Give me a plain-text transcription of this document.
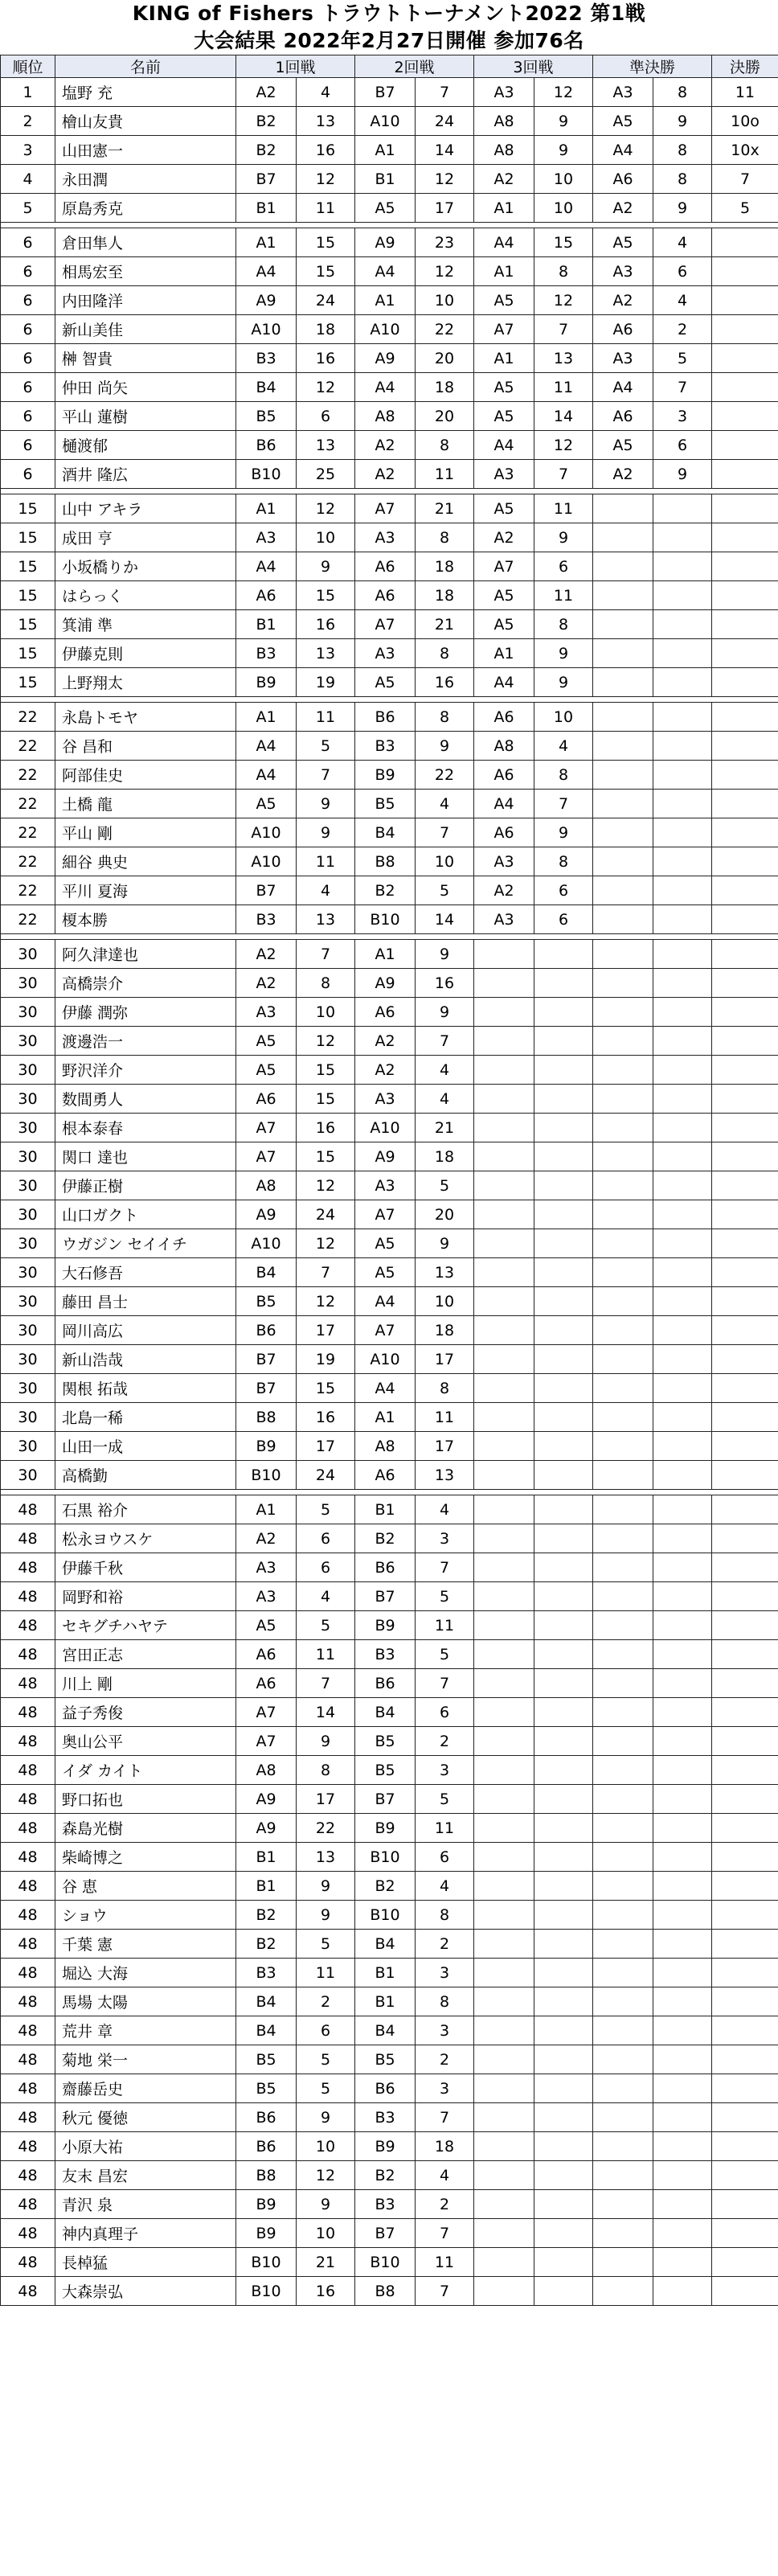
KING of Fishers トラウトトーナメント2022 第1戦
大会結果 2022年2月27日開催 参加76名
順位	名前	1回戦		2回戦		3回戦		準決勝		決勝
1	塩野 充	A2	4	B7	7	A3	12	A3	8	11
2	檜山友貴	B2	13	A10	24	A8	9	A5	9	10o
3	山田憲一	B2	16	A1	14	A8	9	A4	8	10x
4	永田潤	B7	12	B1	12	A2	10	A6	8	7
5	原島秀克	B1	11	A5	17	A1	10	A2	9	5

6	倉田隼人	A1	15	A9	23	A4	15	A5	4	
6	相馬宏至	A4	15	A4	12	A1	8	A3	6	
6	内田隆洋	A9	24	A1	10	A5	12	A2	4	
6	新山美佳	A10	18	A10	22	A7	7	A6	2	
6	榊 智貴	B3	16	A9	20	A1	13	A3	5	
6	仲田 尚矢	B4	12	A4	18	A5	11	A4	7	
6	平山 蓮樹	B5	6	A8	20	A5	14	A6	3	
6	樋渡郁	B6	13	A2	8	A4	12	A5	6	
6	酒井 隆広	B10	25	A2	11	A3	7	A2	9	

15	山中 アキラ	A1	12	A7	21	A5	11			
15	成田 亨	A3	10	A3	8	A2	9			
15	小坂橋りか	A4	9	A6	18	A7	6			
15	はらっく	A6	15	A6	18	A5	11			
15	箕浦 準	B1	16	A7	21	A5	8			
15	伊藤克則	B3	13	A3	8	A1	9			
15	上野翔太	B9	19	A5	16	A4	9			

22	永島トモヤ	A1	11	B6	8	A6	10			
22	谷 昌和	A4	5	B3	9	A8	4			
22	阿部佳史	A4	7	B9	22	A6	8			
22	土橋 龍	A5	9	B5	4	A4	7			
22	平山 剛	A10	9	B4	7	A6	9			
22	細谷 典史	A10	11	B8	10	A3	8			
22	平川 夏海	B7	4	B2	5	A2	6			
22	榎本勝	B3	13	B10	14	A3	6			

30	阿久津達也	A2	7	A1	9					
30	高橋崇介	A2	8	A9	16					
30	伊藤 潤弥	A3	10	A6	9					
30	渡邊浩一	A5	12	A2	7					
30	野沢洋介	A5	15	A2	4					
30	数間勇人	A6	15	A3	4					
30	根本泰春	A7	16	A10	21					
30	関口 達也	A7	15	A9	18					
30	伊藤正樹	A8	12	A3	5					
30	山口ガクト	A9	24	A7	20					
30	ウガジン セイイチ	A10	12	A5	9					
30	大石修吾	B4	7	A5	13					
30	藤田 昌士	B5	12	A4	10					
30	岡川高広	B6	17	A7	18					
30	新山浩哉	B7	19	A10	17					
30	関根 拓哉	B7	15	A4	8					
30	北島一稀	B8	16	A1	11					
30	山田一成	B9	17	A8	17					
30	高橋勤	B10	24	A6	13					

48	石黒 裕介	A1	5	B1	4					
48	松永ヨウスケ	A2	6	B2	3					
48	伊藤千秋	A3	6	B6	7					
48	岡野和裕	A3	4	B7	5					
48	セキグチハヤテ	A5	5	B9	11					
48	宮田正志	A6	11	B3	5					
48	川上 剛	A6	7	B6	7					
48	益子秀俊	A7	14	B4	6					
48	奥山公平	A7	9	B5	2					
48	イダ カイト	A8	8	B5	3					
48	野口拓也	A9	17	B7	5					
48	森島光樹	A9	22	B9	11					
48	柴崎博之	B1	13	B10	6					
48	谷 恵	B1	9	B2	4					
48	ショウ	B2	9	B10	8					
48	千葉 憲	B2	5	B4	2					
48	堀込 大海	B3	11	B1	3					
48	馬場 太陽	B4	2	B1	8					
48	荒井 章	B4	6	B4	3					
48	菊地 栄一	B5	5	B5	2					
48	齋藤岳史	B5	5	B6	3					
48	秋元 優徳	B6	9	B3	7					
48	小原大祐	B6	10	B9	18					
48	友末 昌宏	B8	12	B2	4					
48	青沢 泉	B9	9	B3	2					
48	神内真理子	B9	10	B7	7					
48	長棹猛	B10	21	B10	11					
48	大森崇弘	B10	16	B8	7					
